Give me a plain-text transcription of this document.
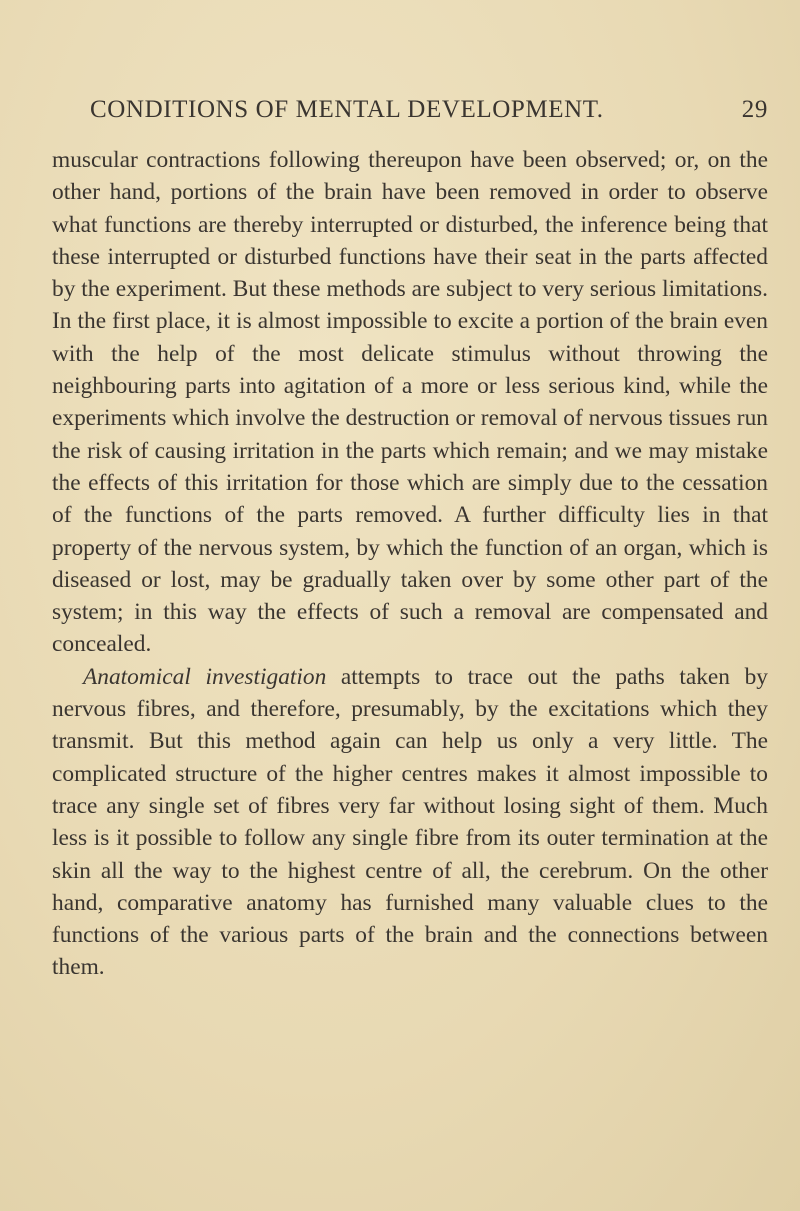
CONDITIONS OF MENTAL DEVELOPMENT.	29

muscular contractions following thereupon have been observed; or, on the other hand, portions of the brain have been removed in order to observe what functions are thereby interrupted or disturbed, the inference being that these interrupted or disturbed functions have their seat in the parts affected by the experiment. But these methods are subject to very serious limitations. In the first place, it is almost impossible to excite a portion of the brain even with the help of the most delicate stimulus without throwing the neighbouring parts into agitation of a more or less serious kind, while the experiments which involve the destruction or removal of nervous tissues run the risk of causing irritation in the parts which remain; and we may mistake the effects of this irritation for those which are simply due to the cessation of the functions of the parts removed. A further difficulty lies in that property of the nervous system, by which the function of an organ, which is diseased or lost, may be gradually taken over by some other part of the system; in this way the effects of such a removal are compensated and concealed.

Anatomical investigation attempts to trace out the paths taken by nervous fibres, and therefore, presumably, by the excitations which they transmit. But this method again can help us only a very little. The complicated structure of the higher centres makes it almost impossible to trace any single set of fibres very far without losing sight of them. Much less is it possible to follow any single fibre from its outer termination at the skin all the way to the highest centre of all, the cerebrum. On the other hand, comparative anatomy has furnished many valuable clues to the functions of the various parts of the brain and the connections between them.
